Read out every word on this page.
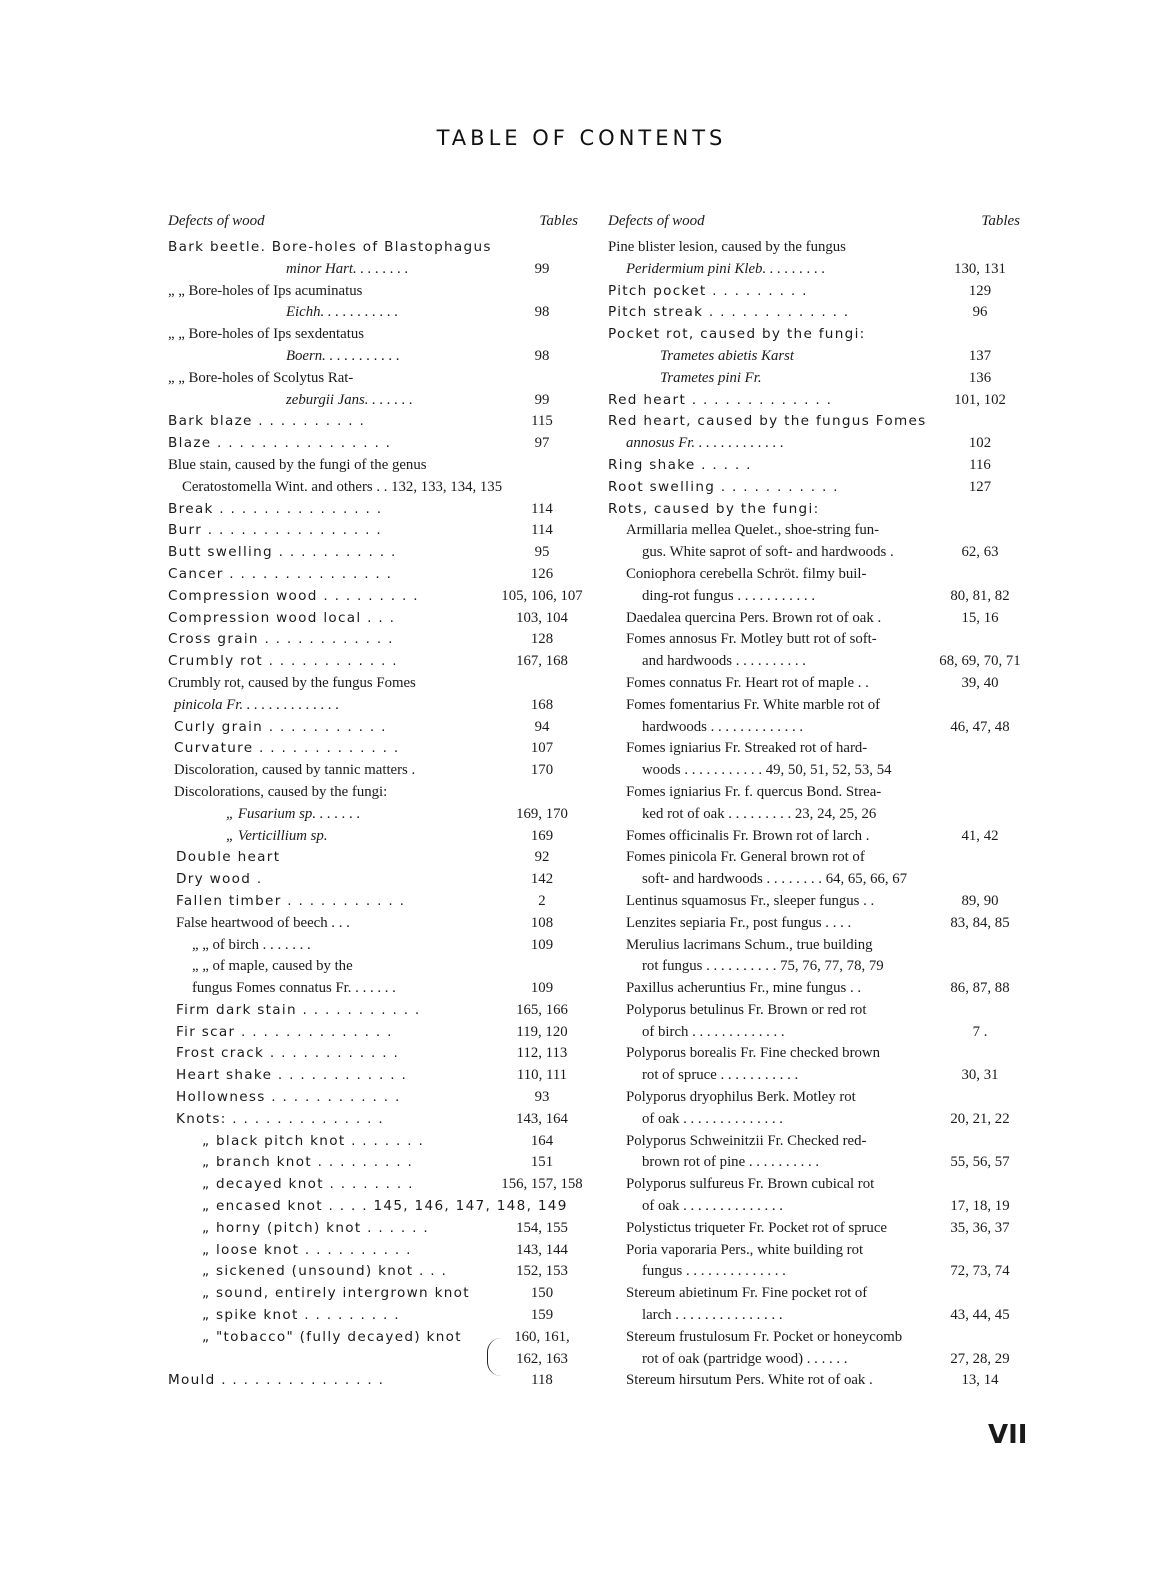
TABLE OF CONTENTS
Defects of wood	Tables
Bark beetle. Bore-holes of Blastophagus
minor Hart. . . . . . . .	99
„ „ Bore-holes of Ips acuminatus
Eichh. . . . . . . . . . .	98
„ „ Bore-holes of Ips sexdentatus
Boern. . . . . . . . . . .	98
„ „ Bore-holes of Scolytus Rat-
zeburgii Jans. . . . . . .	99
Bark blaze . . . . . . . . . .	115
Blaze . . . . . . . . . . . . . . . .	97
Blue stain, caused by the fungi of the genus
Ceratostomella Wint. and others . . 132, 133, 134, 135
Break . . . . . . . . . . . . . . .	114
Burr . . . . . . . . . . . . . . . .	114
Butt swelling . . . . . . . . . . .	95
Cancer . . . . . . . . . . . . . . .	126
Compression wood . . . . . . . . .	105, 106, 107
Compression wood local . . .	103, 104
Cross grain . . . . . . . . . . . .	128
Crumbly rot . . . . . . . . . . . .	167, 168
Crumbly rot, caused by the fungus Fomes
pinicola Fr. . . . . . . . . . . . . .	168
Curly grain . . . . . . . . . . .	94
Curvature . . . . . . . . . . . . .	107
Discoloration, caused by tannic matters .	170
Discolorations, caused by the fungi:
„ Fusarium sp. . . . . . .	169, 170
„ Verticillium sp.	169
Double heart	92
Dry wood .	142
Fallen timber . . . . . . . . . . .	2
False heartwood of beech . . .	108
„ „ of birch . . . . . . .	109
„ „ of maple, caused by the
fungus Fomes connatus Fr. . . . . . .	109
Firm dark stain . . . . . . . . . . .	165, 166
Fir scar . . . . . . . . . . . . . .	119, 120
Frost crack . . . . . . . . . . . .	112, 113
Heart shake . . . . . . . . . . . .	110, 111
Hollowness . . . . . . . . . . . .	93
Knots: . . . . . . . . . . . . . .	143, 164
„ black pitch knot . . . . . . .	164
„ branch knot . . . . . . . . .	151
„ decayed knot . . . . . . . .	156, 157, 158
„ encased knot . . . . 145, 146, 147, 148, 149
„ horny (pitch) knot . . . . . .	154, 155
„ loose knot . . . . . . . . . .	143, 144
„ sickened (unsound) knot . . .	152, 153
„ sound, entirely intergrown knot	150
„ spike knot . . . . . . . . .	159
„ "tobacco" (fully decayed) knot	160, 161,
162, 163
Mould . . . . . . . . . . . . . . .	118
Defects of wood	Tables
Pine blister lesion, caused by the fungus
Peridermium pini Kleb. . . . . . . . .	130, 131
Pitch pocket . . . . . . . . .	129
Pitch streak . . . . . . . . . . . . .	96
Pocket rot, caused by the fungi:
Trametes abietis Karst	137
Trametes pini Fr.	136
Red heart . . . . . . . . . . . . .	101, 102
Red heart, caused by the fungus Fomes
annosus Fr. . . . . . . . . . . . .	102
Ring shake . . . . .	116
Root swelling . . . . . . . . . . .	127
Rots, caused by the fungi:
Armillaria mellea Quelet., shoe-string fun-
gus. White saprot of soft- and hardwoods .	62, 63
Coniophora cerebella Schröt. filmy buil-
ding-rot fungus . . . . . . . . . . .	80, 81, 82
Daedalea quercina Pers. Brown rot of oak .	15, 16
Fomes annosus Fr. Motley butt rot of soft-
and hardwoods . . . . . . . . . .	68, 69, 70, 71
Fomes connatus Fr. Heart rot of maple . .	39, 40
Fomes fomentarius Fr. White marble rot of
hardwoods . . . . . . . . . . . . .	46, 47, 48
Fomes igniarius Fr. Streaked rot of hard-
woods . . . . . . . . . . . 49, 50, 51, 52, 53, 54
Fomes igniarius Fr. f. quercus Bond. Strea-
ked rot of oak . . . . . . . . . 23, 24, 25, 26
Fomes officinalis Fr. Brown rot of larch .	41, 42
Fomes pinicola Fr. General brown rot of
soft- and hardwoods . . . . . . . . 64, 65, 66, 67
Lentinus squamosus Fr., sleeper fungus . .	89, 90
Lenzites sepiaria Fr., post fungus . . . .	83, 84, 85
Merulius lacrimans Schum., true building
rot fungus . . . . . . . . . . 75, 76, 77, 78, 79
Paxillus acheruntius Fr., mine fungus . .	86, 87, 88
Polyporus betulinus Fr. Brown or red rot
of birch . . . . . . . . . . . . .	7 .
Polyporus borealis Fr. Fine checked brown
rot of spruce . . . . . . . . . . .	30, 31
Polyporus dryophilus Berk. Motley rot
of oak . . . . . . . . . . . . . .	20, 21, 22
Polyporus Schweinitzii Fr. Checked red-
brown rot of pine . . . . . . . . . .	55, 56, 57
Polyporus sulfureus Fr. Brown cubical rot
of oak . . . . . . . . . . . . . .	17, 18, 19
Polystictus triqueter Fr. Pocket rot of spruce	35, 36, 37
Poria vaporaria Pers., white building rot
fungus . . . . . . . . . . . . . .	72, 73, 74
Stereum abietinum Fr. Fine pocket rot of
larch . . . . . . . . . . . . . . .	43, 44, 45
Stereum frustulosum Fr. Pocket or honeycomb
rot of oak (partridge wood) . . . . . .	27, 28, 29
Stereum hirsutum Pers. White rot of oak .	13, 14
VII
